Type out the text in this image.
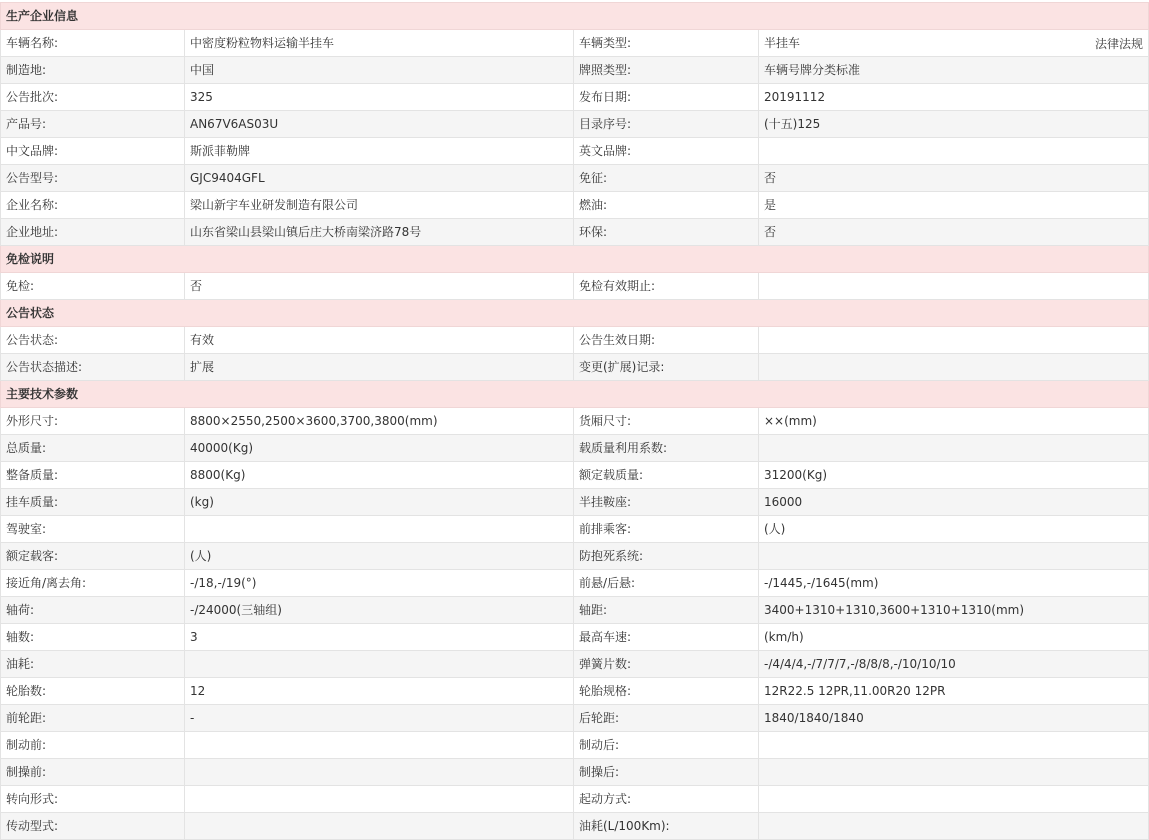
生产企业信息			
车辆名称:	中密度粉粒物料运输半挂车	车辆类型:	半挂车
制造地:	中国	牌照类型:	车辆号牌分类标准
公告批次:	325	发布日期:	20191112
产品号:	AN67V6AS03U	目录序号:	(十五)125
中文品牌:	斯派菲勒牌	英文品牌:	
公告型号:	GJC9404GFL	免征:	否
企业名称:	梁山新宇车业研发制造有限公司	燃油:	是
企业地址:	山东省梁山县梁山镇后庄大桥南梁济路78号	环保:	否
免检说明			
免检:	否	免检有效期止:	
公告状态			
公告状态:	有效	公告生效日期:	
公告状态描述:	扩展	变更(扩展)记录:	
主要技术参数			
外形尺寸:	8800×2550,2500×3600,3700,3800(mm)	货厢尺寸:	××(mm)
总质量:	40000(Kg)	载质量利用系数:	
整备质量:	8800(Kg)	额定载质量:	31200(Kg)
挂车质量:	(kg)	半挂鞍座:	16000
驾驶室:		前排乘客:	(人)
额定载客:	(人)	防抱死系统:	
接近角/离去角:	-/18,-/19(°)	前悬/后悬:	-/1445,-/1645(mm)
轴荷:	-/24000(三轴组)	轴距:	3400+1310+1310,3600+1310+1310(mm)
轴数:	3	最高车速:	(km/h)
油耗:		弹簧片数:	-/4/4/4,-/7/7/7,-/8/8/8,-/10/10/10
轮胎数:	12	轮胎规格:	12R22.5 12PR,11.00R20 12PR
前轮距:	-	后轮距:	1840/1840/1840
制动前:		制动后:	
制操前:		制操后:	
转向形式:		起动方式:	
传动型式:		油耗(L/100Km):	
法律法规
